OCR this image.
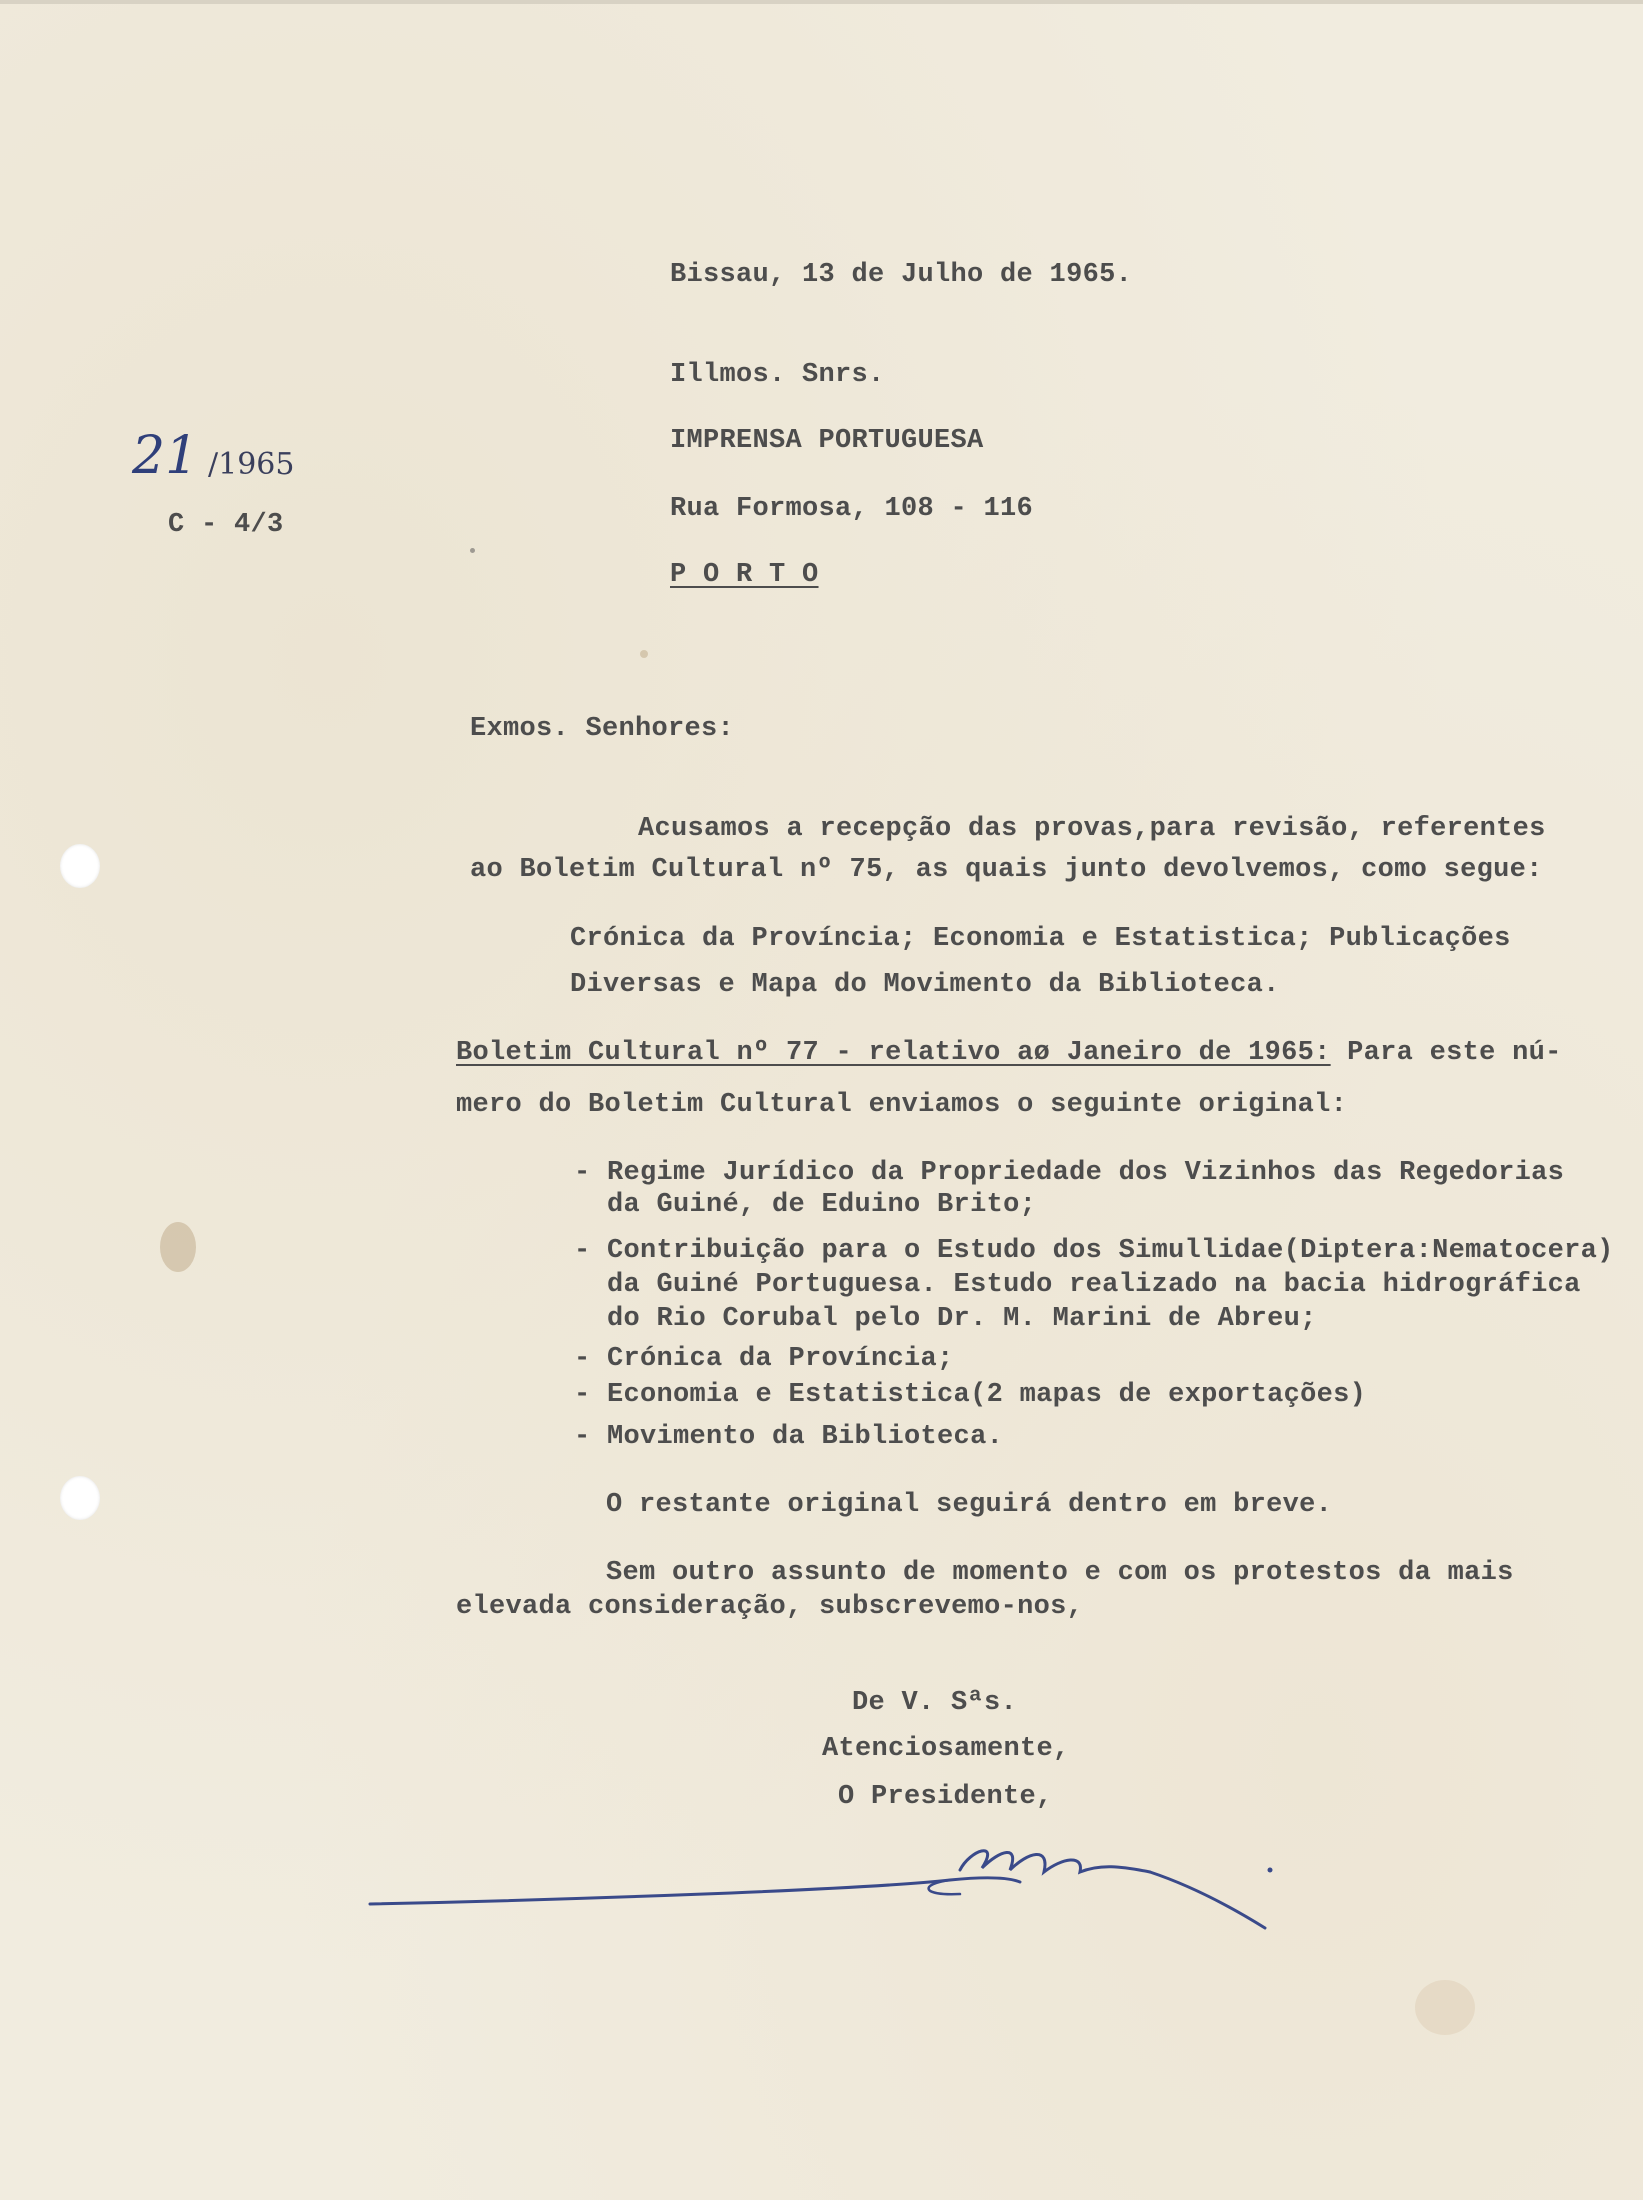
Bissau, 13 de Julho de 1965.
Illmos. Snrs.
IMPRENSA PORTUGUESA
Rua Formosa, 108 - 116
P O R T O
21 /1965
C - 4/3
Exmos. Senhores:
Acusamos a recepção das provas,para revisão, referentes
ao Boletim Cultural nº 75, as quais junto devolvemos, como segue:
Crónica da Província; Economia e Estatistica; Publicações
Diversas e Mapa do Movimento da Biblioteca.
Boletim Cultural nº 77 - relativo aø Janeiro de 1965: Para este nú-
mero do Boletim Cultural enviamos o seguinte original:
- Regime Jurídico da Propriedade dos Vizinhos das Regedorias
da Guiné, de Eduino Brito;
- Contribuição para o Estudo dos Simullidae(Diptera:Nematocera)
da Guiné Portuguesa. Estudo realizado na bacia hidrográfica
do Rio Corubal pelo Dr. M. Marini de Abreu;
- Crónica da Província;
- Economia e Estatistica(2 mapas de exportações)
- Movimento da Biblioteca.
O restante original seguirá dentro em breve.
Sem outro assunto de momento e com os protestos da mais
elevada consideração, subscrevemo-nos,
De V. Sªs.
Atenciosamente,
O Presidente,
